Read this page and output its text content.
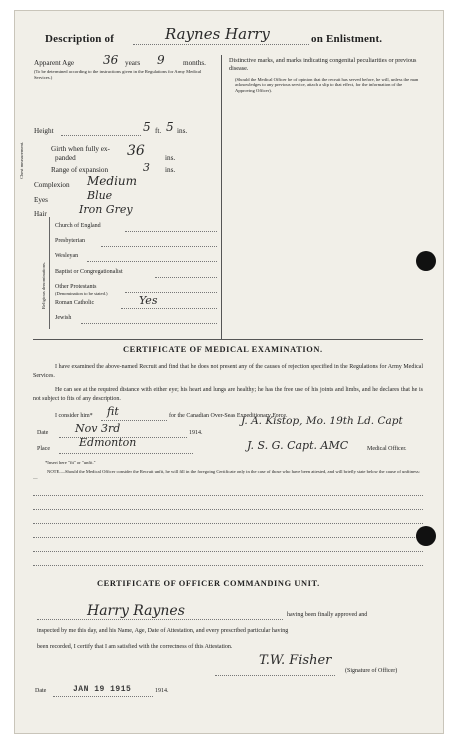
Description of	Raynes Harry	on Enlistment.
Apparent Age 36 years 9	months.
(To be determined according to the instructions given in the Regulations for Army Medical Services.)
Height	5 ft. 5 ins.
Chest measurement.	Girth when fully ex-
panded	36	ins.
Range of expansion	3 ins.
Complexion Medium
Eyes	Blue
Hair	Iron Grey
Religious denominations.
Church of England
Presbyterian
Wesleyan
Baptist or Congregationalist
Other Protestants
(Denomination to be stated.)
Roman Catholic	Yes
Jewish
Distinctive marks, and marks indicating congenital peculiarities or previous disease.
(Should the Medical Officer be of opinion that the recruit has served before, he will, unless the man acknowledges to any previous service, attach a slip to that effect, for the information of the Approving Officer).
CERTIFICATE OF MEDICAL EXAMINATION.
I have examined the above-named Recruit and find that he does not present any of the causes of rejection specified in the Regulations for Army Medical Services.
He can see at the required distance with either eye; his heart and lungs are healthy; he has the free use of his joints and limbs, and he declares that he is not subject to fits of any description.
I consider him* fit	for the Canadian Over-Seas Expeditionary Force.
Date Nov 3rd	1914.
J. A. Kistop, Mo. 19th Ld. Capt
Place	Edmonton	J. S. G. Capt. AMC	Medical Officer.
*Insert here "fit" or "unfit."
NOTE.—Should the Medical Officer consider the Recruit unfit, he will fill in the foregoing Certificate only in the case of those who have been attested, and will briefly state below the cause of unfitness:—
CERTIFICATE OF OFFICER COMMANDING UNIT.
Harry Raynes	having been finally approved and
inspected by me this day, and his Name, Age, Date of Attestation, and every prescribed particular having
been recorded, I certify that I am satisfied with the correctness of this Attestation.
T.W. Fisher
(Signature of Officer)
Date	JAN 19 1915	1914.
